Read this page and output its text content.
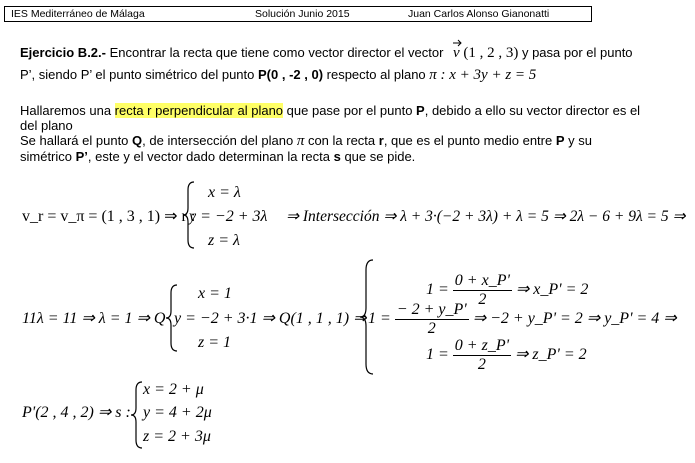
IES Mediterráneo de Málaga	Solución Junio 2015	Juan Carlos Alonso Gianonatti
Ejercicio B.2.- Encontrar la recta que tiene como vector director el vector v (1 , 2 , 3) y pasa por el punto
P’, siendo P’ el punto simétrico del punto P(0 , -2 , 0) respecto al plano π : x + 3y + z = 5
Hallaremos una recta r perpendicular al plano que pase por el punto P, debido a ello su vector director es el
del plano
Se hallará el punto Q, de intersección del plano π con la recta r, que es el punto medio entre P y su
simétrico P’, este y el vector dado determinan la recta s que se pide.
v_r = v_π = (1 , 3 , 1) ⇒ r :
x = λ
y = −2 + 3λ
z = λ
⇒ Intersección ⇒ λ + 3·(−2 + 3λ) + λ = 5 ⇒ 2λ − 6 + 9λ = 5 ⇒
11λ = 11 ⇒ λ = 1 ⇒ Q
x = 1
y = −2 + 3·1 ⇒ Q(1 , 1 , 1) ⇒
z = 1
$1 = \frac{0 + x\_P'}{2}$ ⇒ x_P' = 2
$1 = \frac{- 2 + y\_P'}{2}$ ⇒ −2 + y_P' = 2 ⇒ y_P' = 4 ⇒
$1 = \frac{0 + z\_P'}{2}$ ⇒ z_P' = 2
P'(2 , 4 , 2) ⇒ s :
x = 2 + μ
y = 4 + 2μ
z = 2 + 3μ
